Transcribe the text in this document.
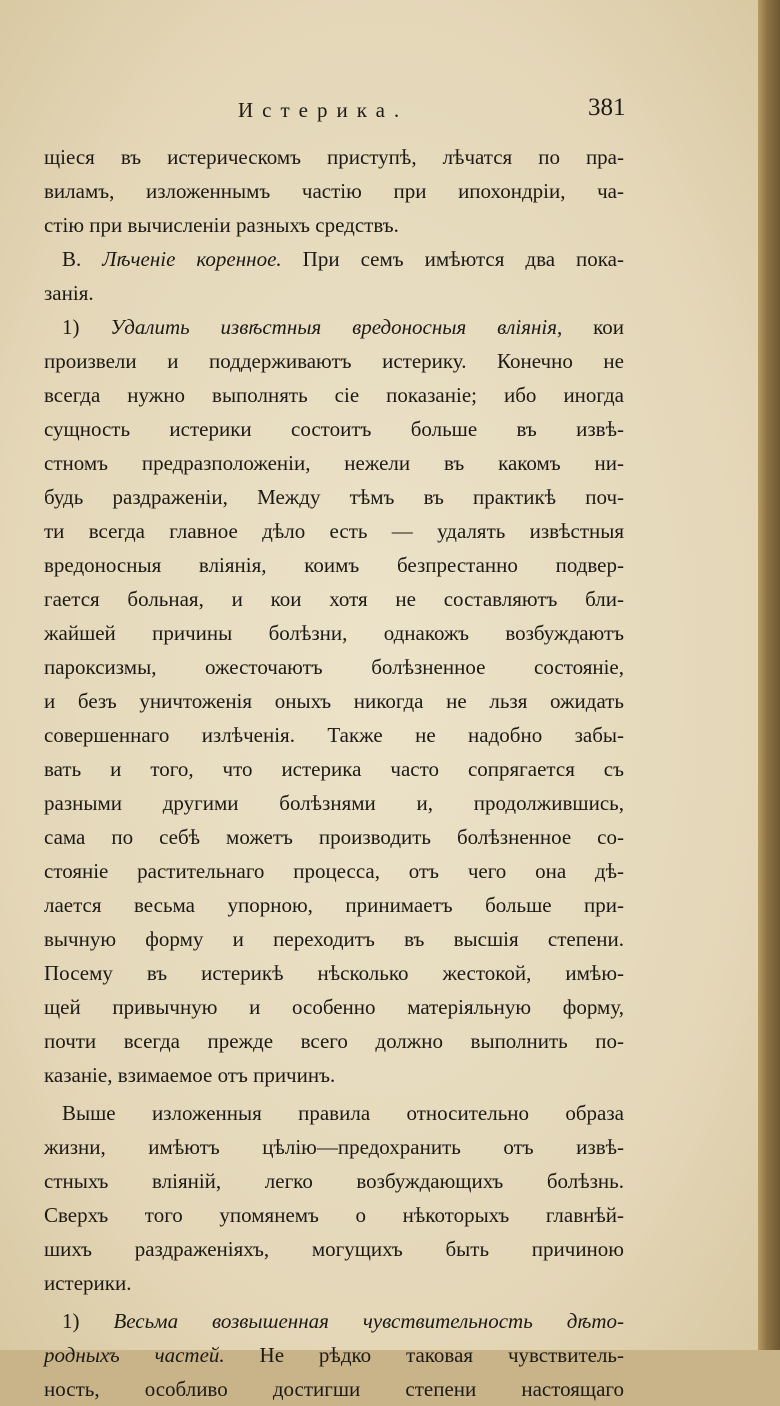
Истерика.	381
щiеся въ истерическомъ приступѣ, лѣчатся по пра-
виламъ, изложеннымъ частiю при ипохондрiи, ча-
стiю при вычисленiи разныхъ средствъ.
В. Лѣченiе коренное. При семъ имѣются два пока-
занiя.
1) Удалить извѣстныя вредоносныя влiянiя, кои
произвели и поддерживаютъ истерику. Конечно не
всегда нужно выполнять сiе показанiе; ибо иногда
сущность истерики состоитъ больше въ извѣ-
стномъ предразположенiи, нежели въ какомъ ни-
будь раздраженiи, Между тѣмъ въ практикѣ поч-
ти всегда главное дѣло есть — удалять извѣстныя
вредоносныя влiянiя, коимъ безпрестанно подвер-
гается больная, и кои хотя не составляютъ бли-
жайшей причины болѣзни, однакожъ возбуждаютъ
пароксизмы, ожесточаютъ болѣзненное состоянiе,
и безъ уничтоженiя оныхъ никогда не льзя ожидать
совершеннаго излѣченiя. Также не надобно забы-
вать и того, что истерика часто сопрягается съ
разными другими болѣзнями и, продолжившись,
сама по себѣ можетъ производить болѣзненное со-
стоянiе растительнаго процесса, отъ чего она дѣ-
лается весьма упорною, принимаетъ больше при-
вычную форму и переходитъ въ высшiя степени.
Посему въ истерикѣ нѣсколько жестокой, имѣю-
щей привычную и особенно матерiяльную форму,
почти всегда прежде всего должно выполнить по-
казанiе, взимаемое отъ причинъ.
Выше изложенныя правила относительно образа
жизни, имѣютъ цѣлiю—предохранить отъ извѣ-
стныхъ влiянiй, легко возбуждающихъ болѣзнь.
Сверхъ того упомянемъ о нѣкоторыхъ главнѣй-
шихъ раздраженiяхъ, могущихъ быть причиною
истерики.
1) Весьма возвышенная чувствительность дѣто-
родныхъ частей. Не рѣдко таковая чувствитель-
ность, особливо достигши степени настоящаго
